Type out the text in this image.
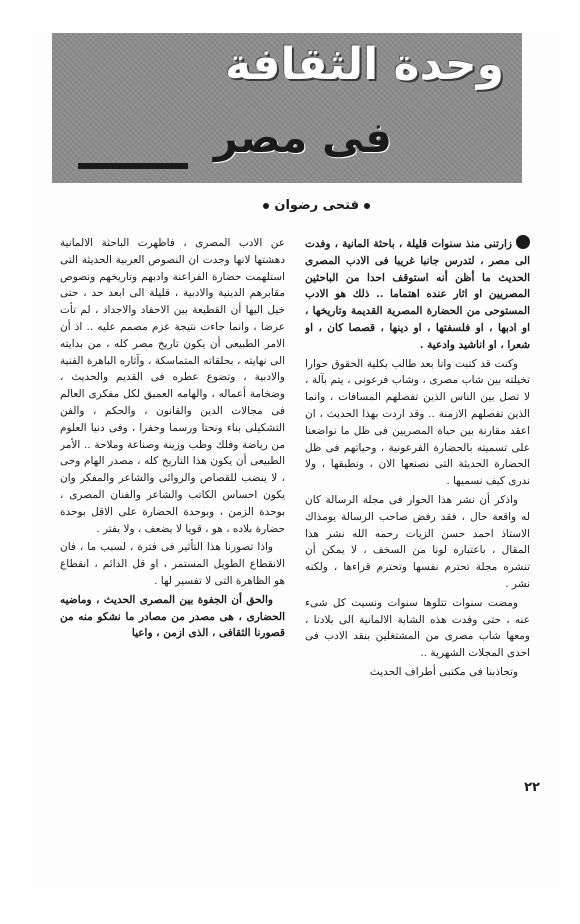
وحدة الثقافة
فى مصر
فتحى رضوان

زارتنى منذ سنوات قليلة ، باحثة المانية ، وفدت الى مصر ، لتدرس جانبا غريبا فى الادب المصرى الحديث ما أظن أنه استوقف احدا من الباحثين المصريين او اثار عنده اهتماما .. ذلك هو الادب المستوحى من الحضارة المصرية القديمة وتاريخها ، او ادبها ، او فلسفتها ، او دينها ، قصصا كان ، او شعرا ، او اناشيد وادعية .

وكنت قد كتبت وانا بعد طالب بكلية الحقوق حوارا تخيلته بين شاب مصرى ، وشاب فرعونى ، يتم بآلة ، لا تصل بين الناس الذين تفصلهم المسافات ، وانما الذين تفصلهم الازمنة .. وقد اردت بهذا الحديث ، ان اعقد مقارنة بين حياة المصريين فى ظل ما نواضعنا على تسميته بالحضارة الفرعونية ، وحياتهم فى ظل الحضارة الحديثة التى نصنعها الان ، ونطبقها ، ولا ندرى كيف نسميها .

واذكر أن نشر هذا الحوار فى مجلة الرسالة كان له واقعة حال ، فقد رفض صاحب الرسالة يومذاك الاستاذ احمد حسن الزيات رحمه الله نشر هذا المقال ، باعتباره لونا من السخف ، لا يمكن أن تنشره مجلة تحترم نفسها وتحترم قراءها ، ولكنه نشر .

ومضت سنوات تتلوها سنوات ونسيت كل شىء عنه ، حتى وفدت هذه الشابة الالمانية الى بلادنا ، ومعها شاب مصرى من المشتغلين بنقد الادب فى احدى المجلات الشهرية ..

وتجاذبنا فى مكتبى أطراف الحديث

عن الادب المصرى ، فاظهرت الباحثة الالمانية دهشتها لانها وجدت ان النصوص العربية الحديثة التى استلهمت حضارة الفراعنة وادبهم وتاريخهم ونصوص مقابرهم الدينية والادبية ، قليلة الى ابعد حد ، حتى خيل اليها أن القطيعة بين الاحفاد والاجداد ، لم تأت عرضا ، وانما جاءت نتيجة عزم مصمم عليه .. اذ أن الامر الطبيعى أن يكون تاريخ مصر كله ، من بدايته الى نهايته ، بحلقاته المتماسكة ، وآثاره الباهرة الفنية والادبية ، وتضوع عطره فى القديم والحديث ، وضخامة أعماله ، والهامه العميق لكل مفكرى العالم فى مجالات الدين والقانون ، والحكم ، والفن التشكيلى بناء ونحتا ورسما وحفرا ، وفى دنيا العلوم من رياضة وفلك وطب وزينة وصناعة وملاحة .. الأمر الطبيعى أن يكون هذا التاريخ كله ، مصدر الهام وحى ، لا ينضب للقصاص والروائى والشاعر والمفكر وان يكون احساس الكاتب والشاعر والفنان المصرى ، بوحدة الزمن ، وبوحدة الحضارة على الاقل بوحدة حضارة بلاده ، هو ، قويا لا يضعف ، ولا يفتر .

واذا تصورنا هذا التأثير فى فترة ، لسبب ما ، فان الانقطاع الطويل المستمر ، او قل الدائم ، انقطاع هو الظاهرة التى لا تفسير لها .

والحق أن الجفوة بين المصرى الحديث ، وماضيه الحضارى ، هى مصدر من مصادر ما نشكو منه من قصورنا الثقافى ، الذى ازمن ، واعيا

٢٢
